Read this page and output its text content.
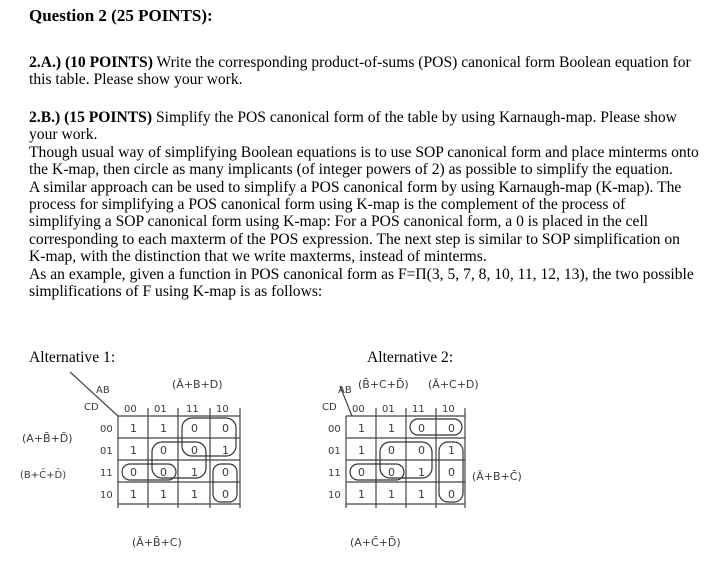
Question 2 (25 POINTS):
2.A.) (10 POINTS) Write the corresponding product-of-sums (POS) canonical form Boolean equation for this table. Please show your work.
2.B.) (15 POINTS) Simplify the POS canonical form of the table by using Karnaugh-map. Please show your work.
Though usual way of simplifying Boolean equations is to use SOP canonical form and place minterms onto the K-map, then circle as many implicants (of integer powers of 2) as possible to simplify the equation.
A similar approach can be used to simplify a POS canonical form by using Karnaugh-map (K-map). The process for simplifying a POS canonical form using K-map is the complement of the process of simplifying a SOP canonical form using K-map: For a POS canonical form, a 0 is placed in the cell corresponding to each maxterm of the POS expression. The next step is similar to SOP simplification on K-map, with the distinction that we write maxterms, instead of minterms.
As an example, given a function in POS canonical form as F=Π(3, 5, 7, 8, 10, 11, 12, 13), the two possible simplifications of F using K-map is as follows:
Alternative 1:	Alternative 2:
AB
CD	00 01 11 10
00
01
11
10
1 1 0 0
1 0 0 1
0 0 1 0
1 1 1 0
(Ā+B+D)
(A+B̄+D̄)
(B+C̄+D̄)
(Ā+B̄+C)
AB
CD 00 01 11 10
00
01
11
10
1 1 0 0
1 0 0 1
0 0 1 0
1 1 1 0
(B̄+C+D̄) (Ā+C+D)
(Ā+B+C̄)
(A+C̄+D̄)
